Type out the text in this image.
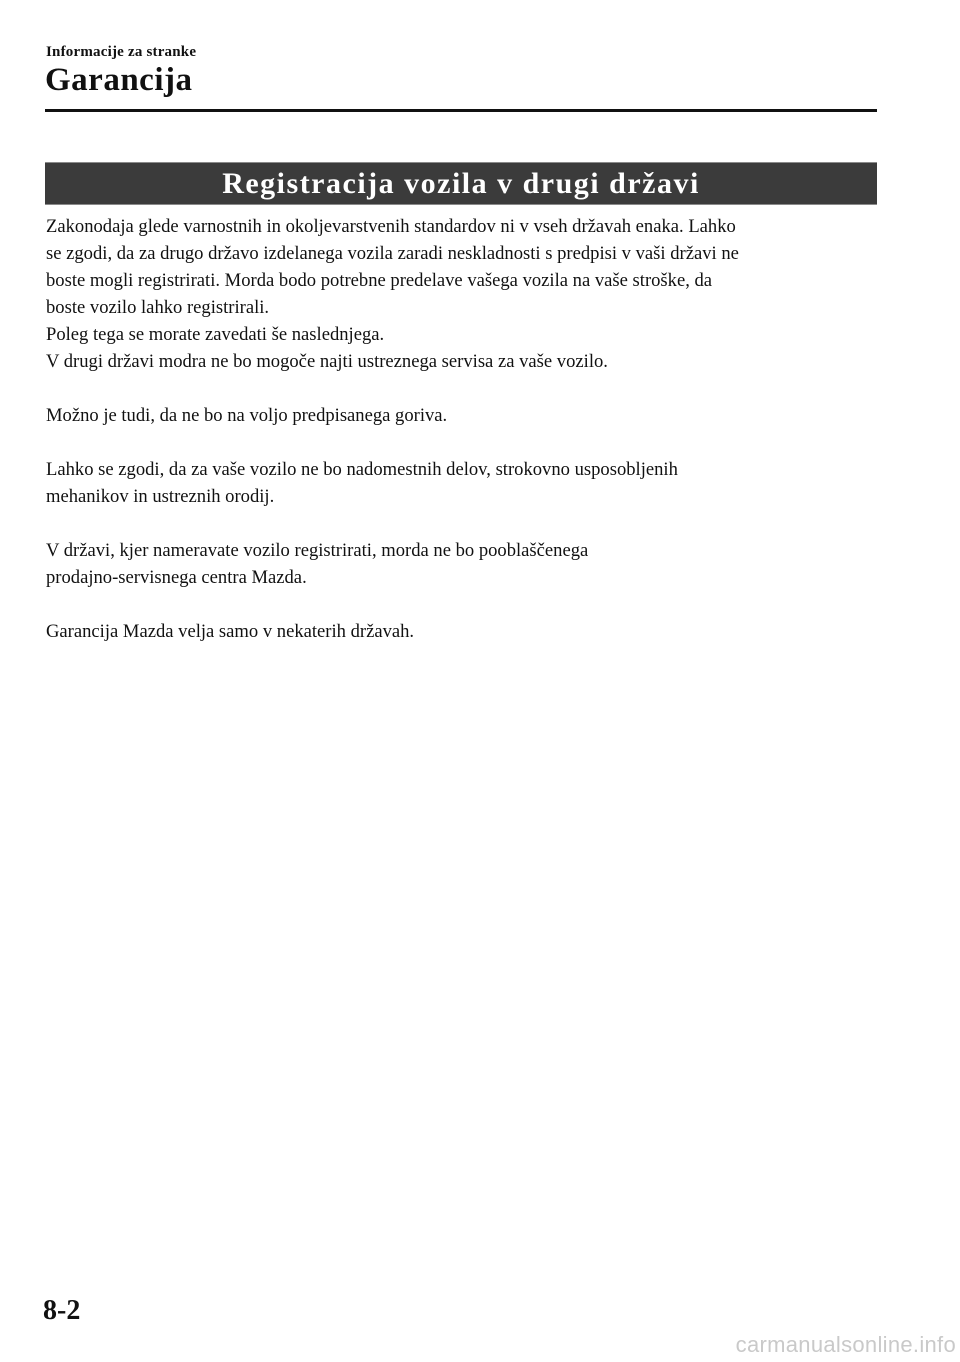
Informacije za stranke
Garancija
Registracija vozila v drugi državi

Zakonodaja glede varnostnih in okoljevarstvenih standardov ni v vseh državah enaka. Lahko

se zgodi, da za drugo državo izdelanega vozila zaradi neskladnosti s predpisi v vaši državi ne

boste mogli registrirati. Morda bodo potrebne predelave vašega vozila na vaše stroške, da

boste vozilo lahko registrirali.

Poleg tega se morate zavedati še naslednjega.

V drugi državi modra ne bo mogoče najti ustreznega servisa za vaše vozilo.

Možno je tudi, da ne bo na voljo predpisanega goriva.

Lahko se zgodi, da za vaše vozilo ne bo nadomestnih delov, strokovno usposobljenih

mehanikov in ustreznih orodij.

V državi, kjer nameravate vozilo registrirati, morda ne bo pooblaščenega

prodajno-servisnega centra Mazda.

Garancija Mazda velja samo v nekaterih državah.

8-2
carmanualsonline.info
